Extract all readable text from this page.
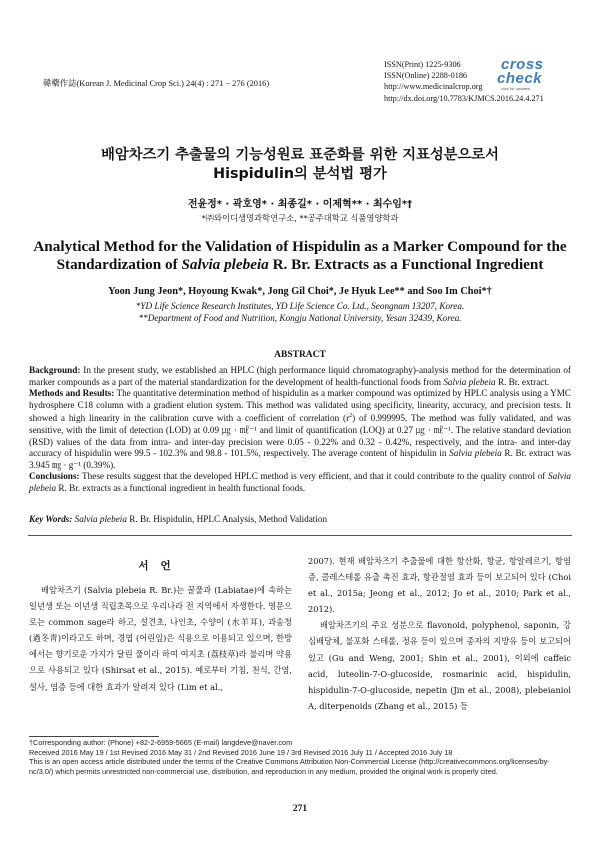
韓藥作誌(Korean J. Medicinal Crop Sci.) 24(4) : 271 − 276 (2016)
ISSN(Print) 1225-9306
ISSN(Online) 2288-0186
http://www.medicinalcrop.org
http://dx.doi.org/10.7783/KJMCS.2016.24.4.271
cross
check
click for updates
배암차즈기 추출물의 기능성원료 표준화를 위한 지표성분으로서
Hispidulin의 분석법 평가
전윤정* · 곽호영* · 최종길* · 이제혁** · 최수임*†
*㈜와이디생명과학연구소, **공주대학교 식품영양학과
Analytical Method for the Validation of Hispidulin as a Marker Compound for the
Standardization of Salvia plebeia R. Br. Extracts as a Functional Ingredient
Yoon Jung Jeon*, Hoyoung Kwak*, Jong Gil Choi*, Je Hyuk Lee** and Soo Im Choi*†
*YD Life Science Research Institutes, YD Life Science Co. Ltd., Seongnam 13207, Korea.
**Department of Food and Nutrition, Kongju National University, Yesan 32439, Korea.
ABSTRACT

Background: In the present study, we established an HPLC (high performance liquid chromatography)-analysis method for the determination of marker compounds as a part of the material standardization for the development of health-functional foods from Salvia plebeia R. Br. extract.

Methods and Results: The quantitative determination method of hispidulin as a marker compound was optimized by HPLC analysis using a YMC hydrosphere C18 column with a gradient elution system. This method was validated using specificity, linearity, accuracy, and precision tests. It showed a high linearity in the calibration curve with a coefficient of correlation $(r^2)$ of 0.999995. The method was fully validated, and was sensitive, with the limit of detection (LOD) at 0.09 ㎍ · ㎖⁻¹ and limit of quantification (LOQ) at 0.27 ㎍ · ㎖⁻¹. The relative standard deviation (RSD) values of the data from intra- and inter-day precision were 0.05 - 0.22% and 0.32 - 0.42%, respectively, and the intra- and inter-day accuracy of hispidulin were 99.5 - 102.3% and 98.8 - 101.5%, respectively. The average content of hispidulin in Salvia plebeia R. Br. extract was 3.945 ㎎ · g⁻¹ (0.39%).

Conclusions: These results suggest that the developed HPLC method is very efficient, and that it could contribute to the quality control of Salvia plebeia R. Br. extracts as a functional ingredient in health functional foods.

Key Words: Salvia plebeia R. Br. Hispidulin, HPLC Analysis, Method Validation
서언

배암차즈기 (Salvia plebeia R. Br.)는 꿀풀과 (Labiatae)에 속하는 일년생 또는 이년생 직립초목으로 우리나라 전 지역에서 자생한다. 영문으로는 common sage라 하고, 설견초, 나인초, 수양이 (水羊耳), 과송청 (過冬靑)이라고도 하며, 경엽 (어린잎)은 식용으로 이용되고 있으며, 한방에서는 향기로운 가지가 달린 풀이라 하여 여지초 (荔枝草)라 불리며 약용으로 사용되고 있다 (Shirsat et al., 2015). 예로부터 기침, 천식, 간염, 설사, 염증 등에 대한 효과가 알려져 있다 (Lim et al.,

2007). 현재 배암차즈기 추출물에 대한 항산화, 항균, 항알레르기, 항염증, 콜레스테롤 유출 촉진 효과, 항관절염 효과 등이 보고되어 있다 (Choi et al., 2015a; Jeong et al., 2012; Jo et al., 2010; Park et al., 2012).

배암차즈기의 주요 성분으로 flavonoid, polyphenol, saponin, 강심배당체, 불포화 스테롤, 정유 등이 있으며 종자의 지방유 등이 보고되어 있고 (Gu and Weng, 2001; Shin et al., 2001), 이외에 caffeic acid, luteolin-7-O-glucoside, rosmarinic acid, hispidulin, hispidulin-7-O-glucoside, nepetin (Jin et al., 2008), plebeianiol A, diterpenoids (Zhang et al., 2015) 등

†Corresponding author: (Phone) +82-2-6959-5665 (E-mail) langdeve@naver.com

Received 2016 May 19 / 1st Revised 2016 May 31 / 2nd Revised 2016 June 19 / 3rd Revised 2016 July 11 / Accepted 2016 July 18

This is an open access article distributed under the terms of the Creative Commons Attribution Non-Commercial License (http://creativecommons.org/licenses/by-nc/3.0/) which permits unrestricted non-commercial use, distribution, and reproduction in any medium, provided the original work is properly cited.

271
